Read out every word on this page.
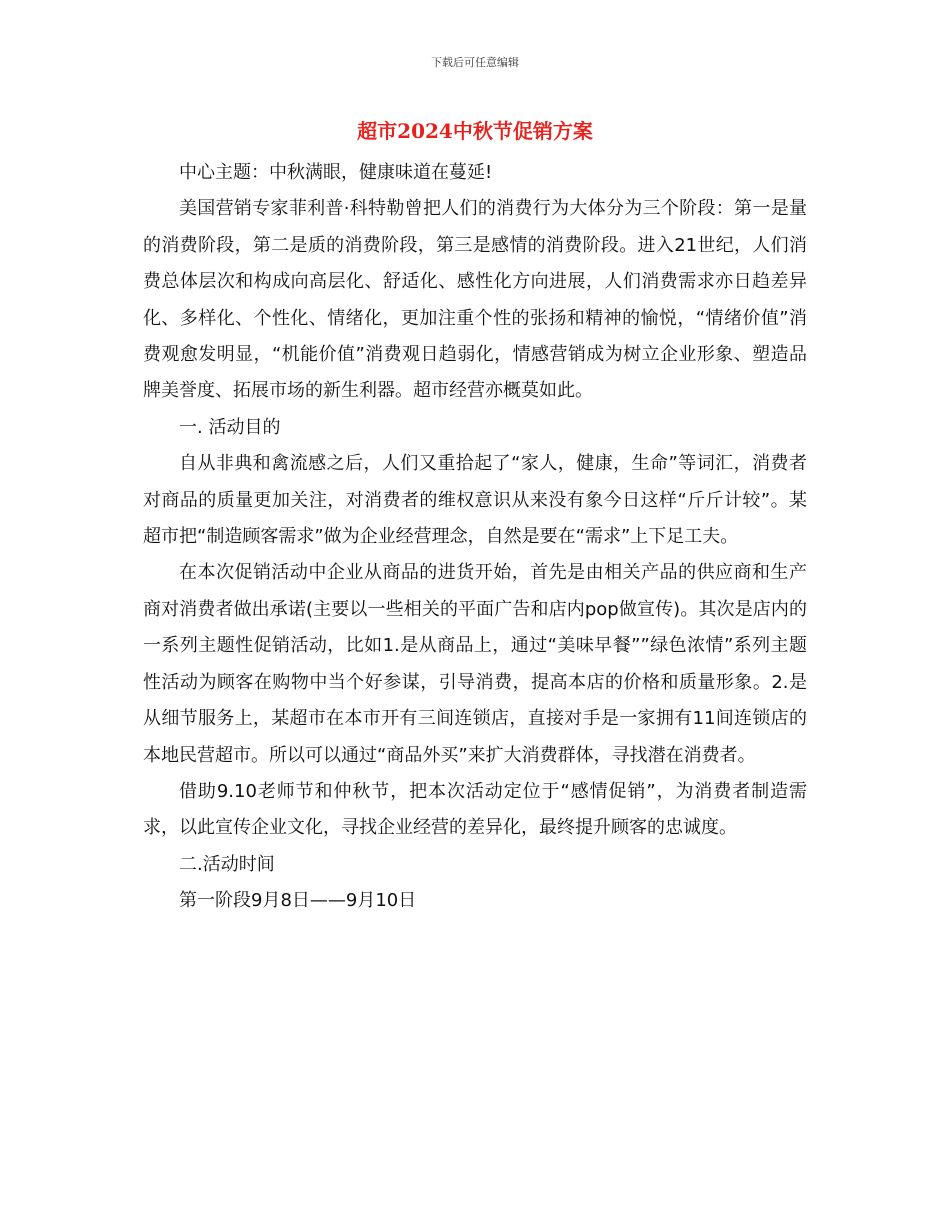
下载后可任意编辑
超市2024中秋节促销方案

中心主题：中秋满眼，健康味道在蔓延!

美国营销专家菲利普·科特勒曾把人们的消费行为大体分为三个阶段：第一是量的消费阶段，第二是质的消费阶段，第三是感情的消费阶段。进入21世纪，人们消费总体层次和构成向高层化、舒适化、感性化方向进展，人们消费需求亦日趋差异化、多样化、个性化、情绪化，更加注重个性的张扬和精神的愉悦，“情绪价值”消费观愈发明显，“机能价值”消费观日趋弱化，情感营销成为树立企业形象、塑造品牌美誉度、拓展市场的新生利器。超市经营亦概莫如此。

一. 活动目的

自从非典和禽流感之后，人们又重拾起了“家人，健康，生命”等词汇，消费者对商品的质量更加关注，对消费者的维权意识从来没有象今日这样“斤斤计较”。某超市把“制造顾客需求”做为企业经营理念，自然是要在“需求”上下足工夫。

在本次促销活动中企业从商品的进货开始，首先是由相关产品的供应商和生产商对消费者做出承诺(主要以一些相关的平面广告和店内pop做宣传)。其次是店内的一系列主题性促销活动，比如1.是从商品上，通过“美味早餐””绿色浓情”系列主题性活动为顾客在购物中当个好参谋，引导消费，提高本店的价格和质量形象。2.是从细节服务上，某超市在本市开有三间连锁店，直接对手是一家拥有11间连锁店的本地民营超市。所以可以通过“商品外买”来扩大消费群体，寻找潜在消费者。

借助9.10老师节和仲秋节，把本次活动定位于“感情促销”，为消费者制造需求，以此宣传企业文化，寻找企业经营的差异化，最终提升顾客的忠诚度。

二.活动时间

第一阶段9月8日——9月10日
